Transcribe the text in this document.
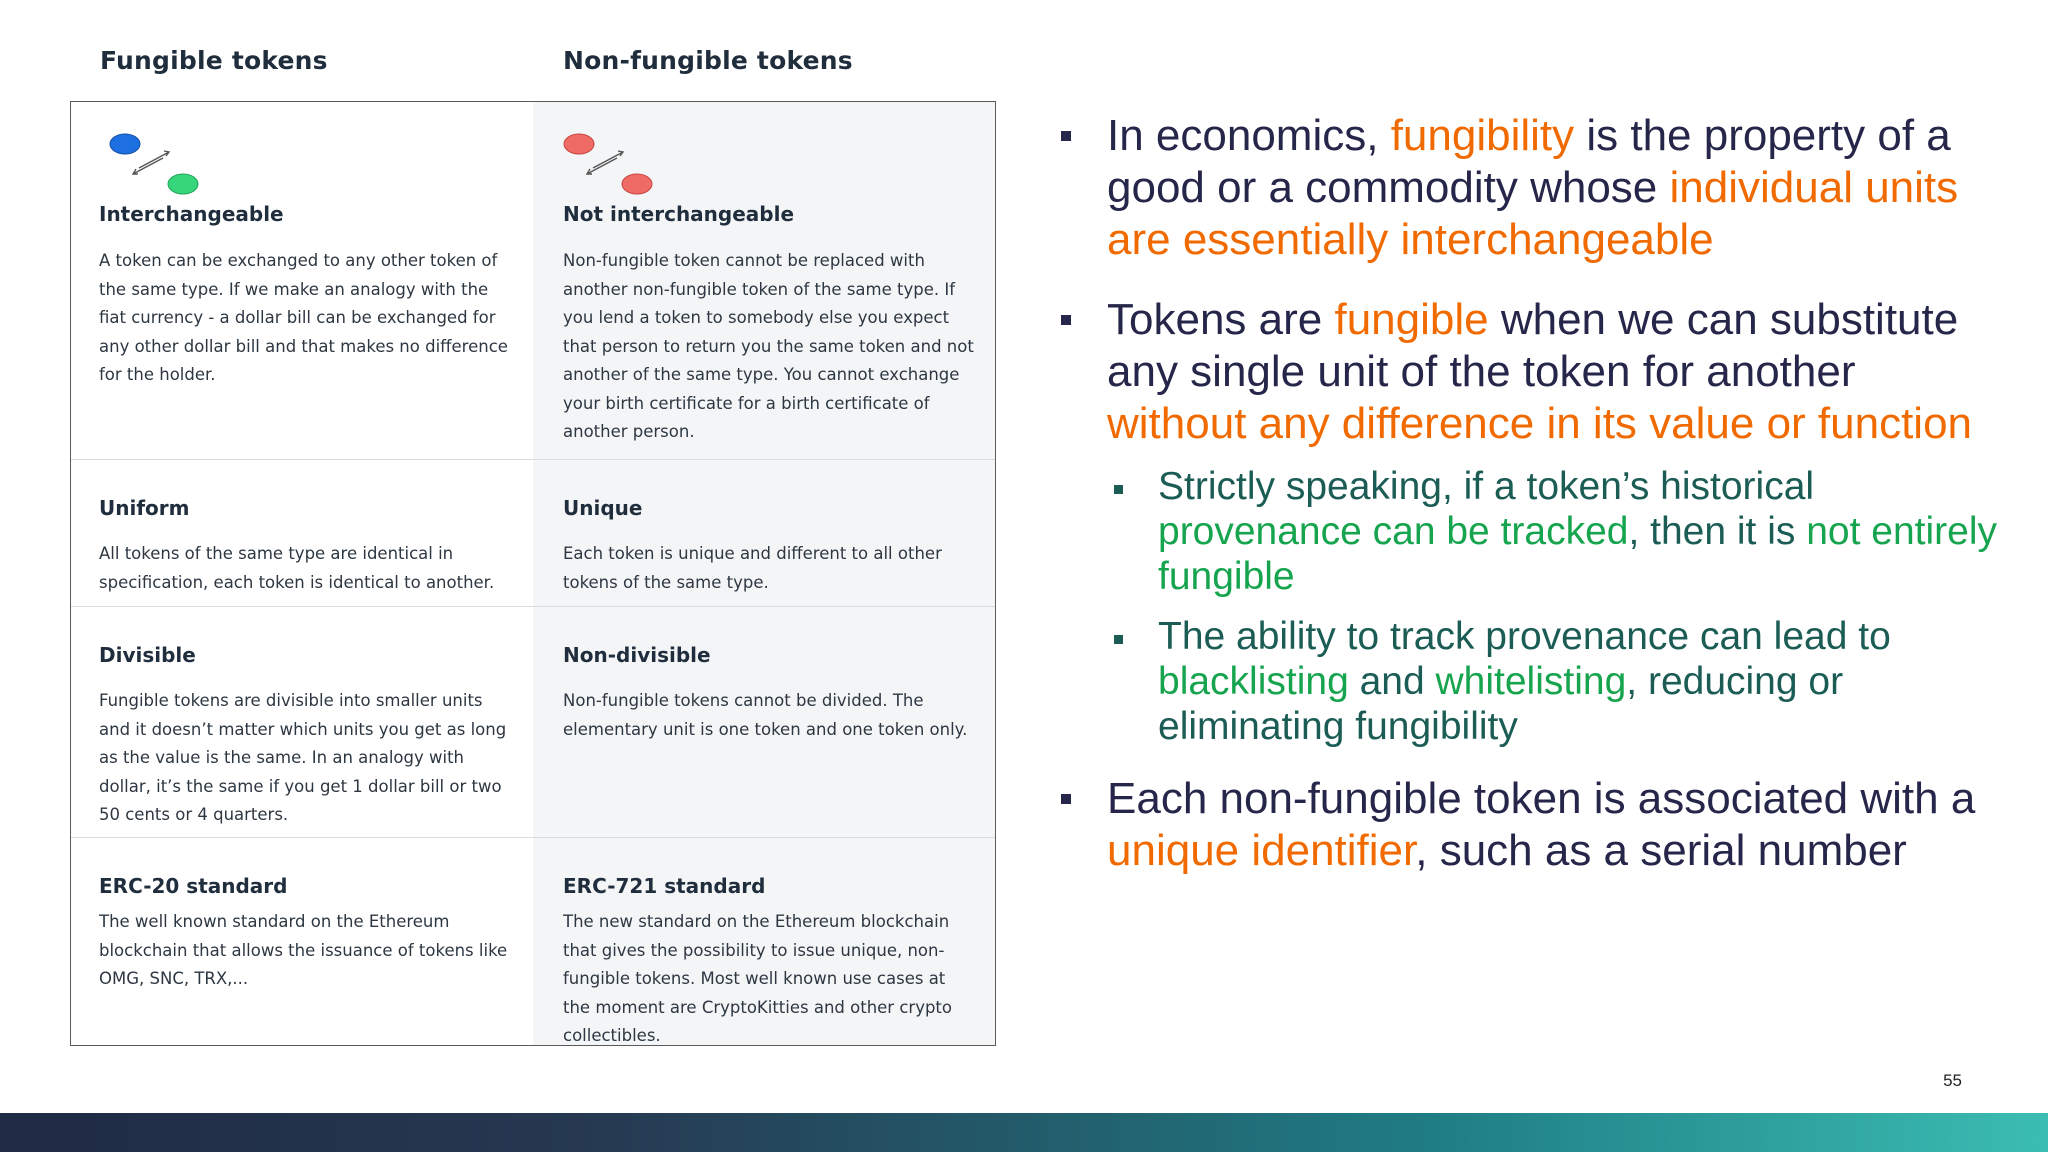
Fungible tokens	Non-fungible tokens

Interchangeable

A token can be exchanged to any other token of the same type. If we make an analogy with the fiat currency - a dollar bill can be exchanged for any other dollar bill and that makes no difference for the holder.

Not interchangeable

Non-fungible token cannot be replaced with another non-fungible token of the same type. If you lend a token to somebody else you expect that person to return you the same token and not another of the same type. You cannot exchange your birth certificate for a birth certificate of another person.

Uniform

All tokens of the same type are identical in specification, each token is identical to another.

Unique

Each token is unique and different to all other tokens of the same type.

Divisible

Fungible tokens are divisible into smaller units and it doesn’t matter which units you get as long as the value is the same. In an analogy with dollar, it’s the same if you get 1 dollar bill or two 50 cents or 4 quarters.

Non-divisible

Non-fungible tokens cannot be divided. The elementary unit is one token and one token only.

ERC-20 standard

The well known standard on the Ethereum blockchain that allows the issuance of tokens like OMG, SNC, TRX,...

ERC-721 standard

The new standard on the Ethereum blockchain that gives the possibility to issue unique, non-fungible tokens. Most well known use cases at the moment are CryptoKitties and other crypto collectibles.

In economics, fungibility is the property of a good or a commodity whose individual units are essentially interchangeable

Tokens are fungible when we can substitute any single unit of the token for another without any difference in its value or function

Strictly speaking, if a token’s historical provenance can be tracked, then it is not entirely fungible

The ability to track provenance can lead to blacklisting and whitelisting, reducing or eliminating fungibility

Each non-fungible token is associated with a unique identifier, such as a serial number

55
